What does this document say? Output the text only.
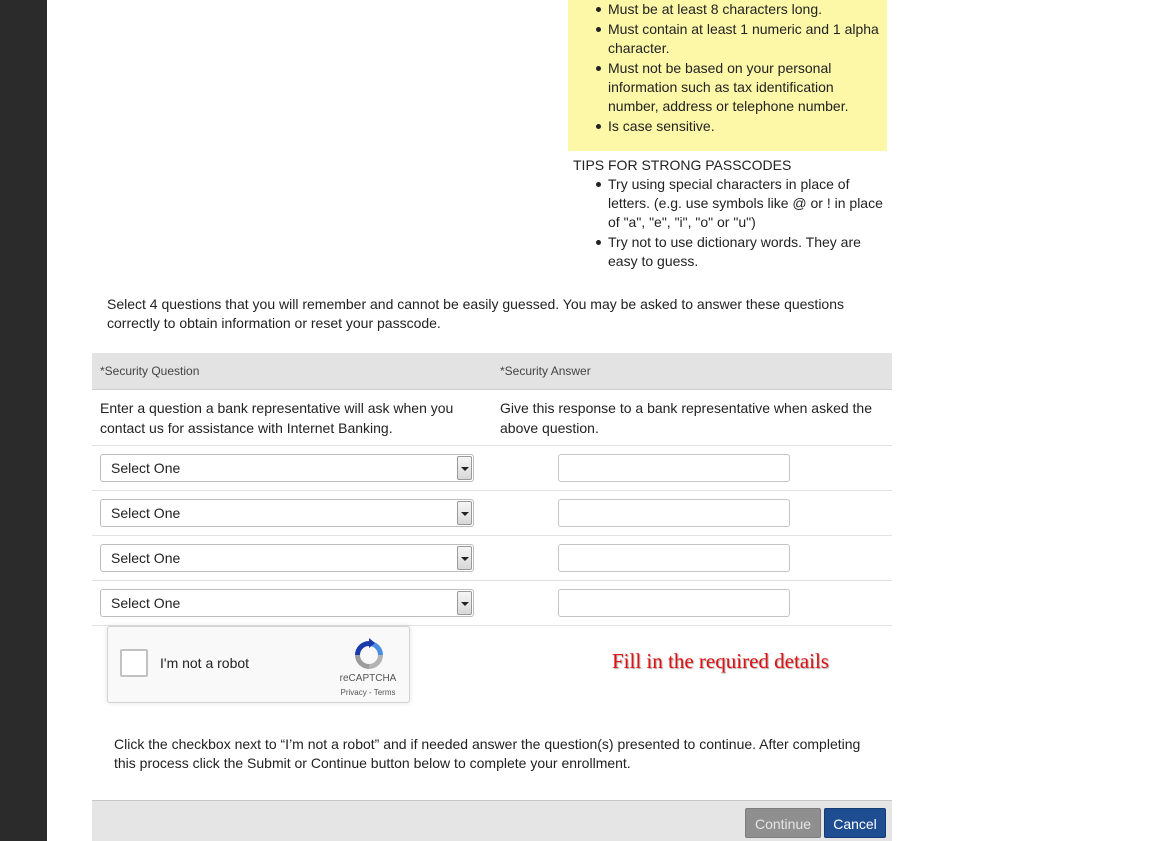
Must be at least 8 characters long.
Must contain at least 1 numeric and 1 alpha character.
Must not be based on your personal information such as tax identification number, address or telephone number.
Is case sensitive.
TIPS FOR STRONG PASSCODES
Try using special characters in place of letters. (e.g. use symbols like @ or ! in place of "a", "e", "i", "o" or "u")
Try not to use dictionary words. They are easy to guess.
Select 4 questions that you will remember and cannot be easily guessed. You may be asked to answer these questions correctly to obtain information or reset your passcode.
*Security Question	*Security Answer
Enter a question a bank representative will ask when you contact us for assistance with Internet Banking.
Give this response to a bank representative when asked the above question.
Select One
Select One
Select One
Select One
I'm not a robot
reCAPTCHA
Privacy - Terms
Fill in the required details
Click the checkbox next to “I’m not a robot” and if needed answer the question(s) presented to continue. After completing this process click the Submit or Continue button below to complete your enrollment.
Continue	Cancel
